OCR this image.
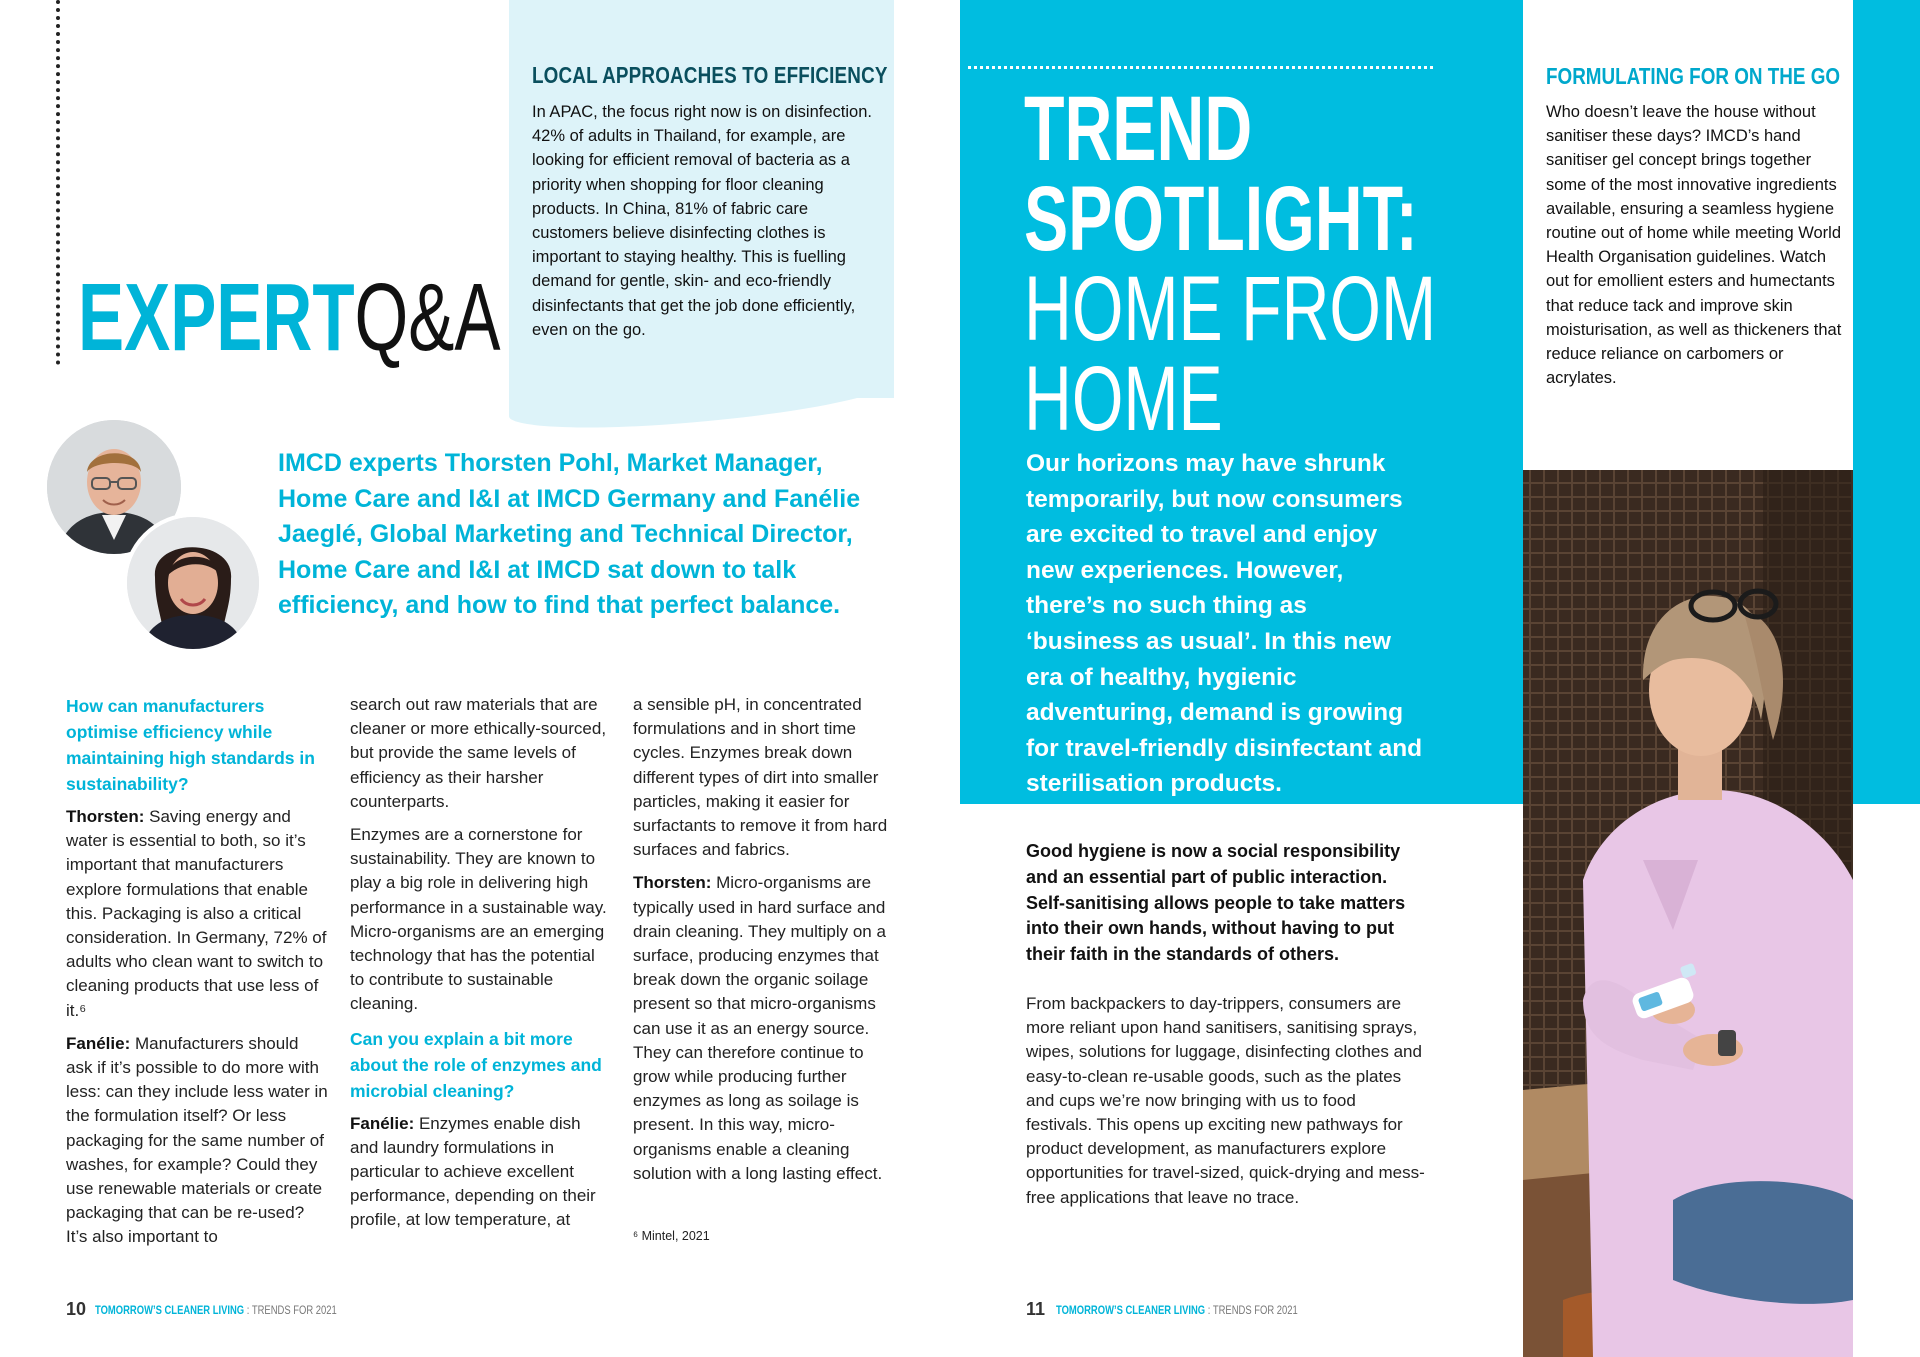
LOCAL APPROACHES TO EFFICIENCY
In APAC, the focus right now is on disinfection. 42% of adults in Thailand, for example, are looking for efficient removal of bacteria as a priority when shopping for floor cleaning products. In China, 81% of fabric care customers believe disinfecting clothes is important to staying healthy. This is fuelling demand for gentle, skin- and eco-friendly disinfectants that get the job done efficiently, even on the go.
EXPERTQ&A
IMCD experts Thorsten Pohl, Market Manager, Home Care and I&I at IMCD Germany and Fanélie Jaeglé, Global Marketing and Technical Director, Home Care and I&I at IMCD sat down to talk efficiency, and how to find that perfect balance.

How can manufacturers optimise efficiency while maintaining high standards in sustainability?

Thorsten: Saving energy and water is essential to both, so it’s important that manufacturers explore formulations that enable this. Packaging is also a critical consideration. In Germany, 72% of adults who clean want to switch to cleaning products that use less of it.⁶

Fanélie: Manufacturers should ask if it’s possible to do more with less: can they include less water in the formulation itself? Or less packaging for the same number of washes, for example? Could they use renewable materials or create packaging that can be re-used? It’s also important to

search out raw materials that are cleaner or more ethically-sourced, but provide the same levels of efficiency as their harsher counterparts.

Enzymes are a cornerstone for sustainability. They are known to play a big role in delivering high performance in a sustainable way. Micro-organisms are an emerging technology that has the potential to contribute to sustainable cleaning.

Can you explain a bit more about the role of enzymes and microbial cleaning?

Fanélie: Enzymes enable dish and laundry formulations in particular to achieve excellent performance, depending on their profile, at low temperature, at

a sensible pH, in concentrated formulations and in short time cycles. Enzymes break down different types of dirt into smaller particles, making it easier for surfactants to remove it from hard surfaces and fabrics.

Thorsten: Micro-organisms are typically used in hard surface and drain cleaning. They multiply on a surface, producing enzymes that break down the organic soilage present so that micro-organisms can use it as an energy source. They can therefore continue to grow while producing further enzymes as long as soilage is present. In this way, micro-organisms enable a cleaning solution with a long lasting effect.

⁶ Mintel, 2021
10 TOMORROW’S CLEANER LIVING : TRENDS FOR 2021
TREND
SPOTLIGHT:
HOME FROM
HOME
Our horizons may have shrunk temporarily, but now consumers are excited to travel and enjoy new experiences. However, there’s no such thing as ‘business as usual’. In this new era of healthy, hygienic adventuring, demand is growing for travel-friendly disinfectant and sterilisation products.
Good hygiene is now a social responsibility and an essential part of public interaction. Self-sanitising allows people to take matters into their own hands, without having to put their faith in the standards of others.
From backpackers to day-trippers, consumers are more reliant upon hand sanitisers, sanitising sprays, wipes, solutions for luggage, disinfecting clothes and easy-to-clean re-usable goods, such as the plates and cups we’re now bringing with us to food festivals. This opens up exciting new pathways for product development, as manufacturers explore opportunities for travel-sized, quick-drying and mess-free applications that leave no trace.
FORMULATING FOR ON THE GO
Who doesn’t leave the house without sanitiser these days? IMCD’s hand sanitiser gel concept brings together some of the most innovative ingredients available, ensuring a seamless hygiene routine out of home while meeting World Health Organisation guidelines. Watch out for emollient esters and humectants that reduce tack and improve skin moisturisation, as well as thickeners that reduce reliance on carbomers or acrylates.
11 TOMORROW’S CLEANER LIVING : TRENDS FOR 2021
